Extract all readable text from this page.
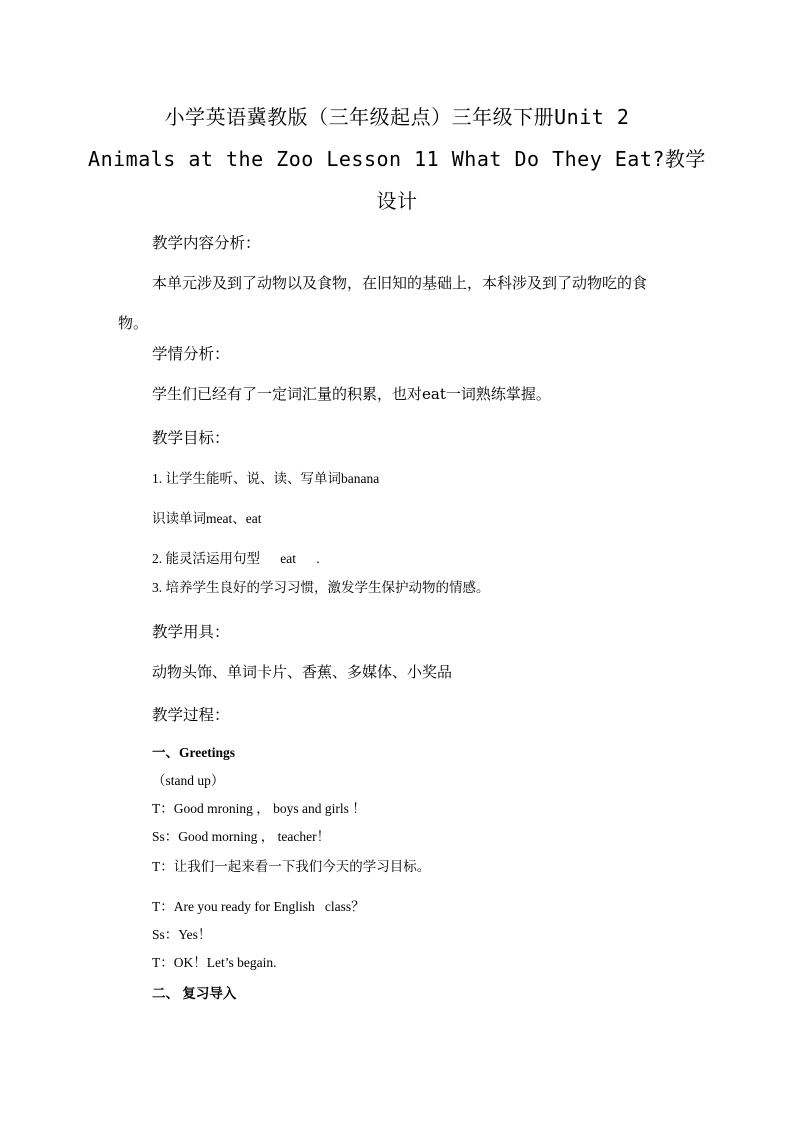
小学英语冀教版（三年级起点）三年级下册Unit 2
Animals at the Zoo Lesson 11 What Do They Eat?教学
设计
教学内容分析：
本单元涉及到了动物以及食物，在旧知的基础上，本科涉及到了动物吃的食
物。
学情分析：
学生们已经有了一定词汇量的积累，也对eat一词熟练掌握。
教学目标：
1. 让学生能听、说、读、写单词banana
识读单词meat、eat
2. 能灵活运用句型      eat      .
3. 培养学生良好的学习习惯，激发学生保护动物的情感。
教学用具：
动物头饰、单词卡片、香蕉、多媒体、小奖品
教学过程：
一、Greetings
（stand up）
T：Good mroning ， boys and girls ！
Ss：Good morning ， teacher！
T：让我们一起来看一下我们今天的学习目标。
T：Are you ready for English   class？
Ss：Yes！
T：OK！Let’s begain.
二、 复习导入
